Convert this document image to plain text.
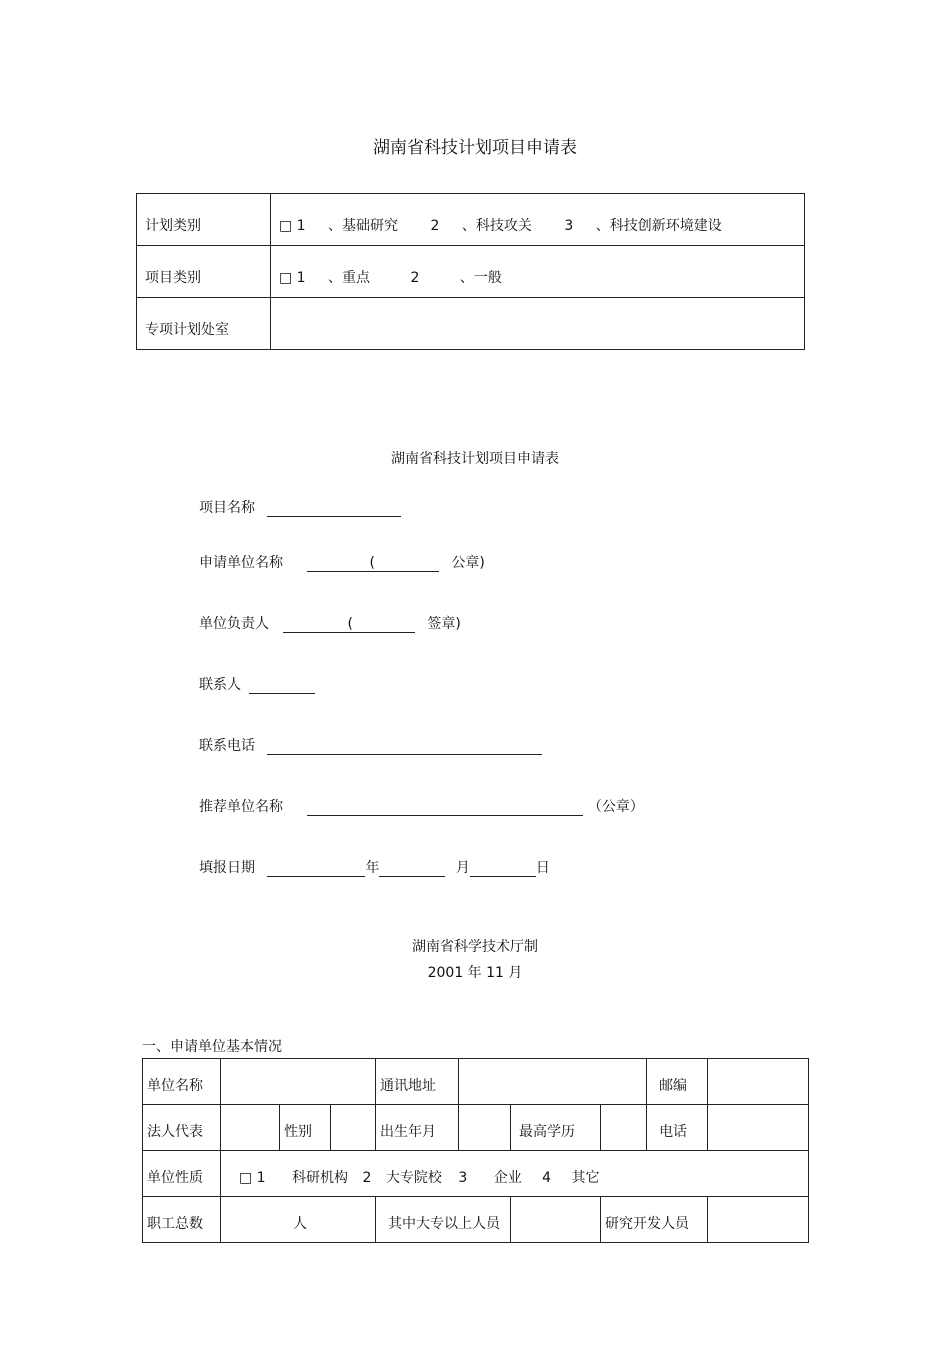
湖南省科技计划项目申请表
计划类别	□ 1 、基础研究 2 、科技攻关 3 、科技创新环境建设
项目类别	□ 1 、重点 2 、一般
专项计划处室	
湖南省科技计划项目申请表
项目名称
申请单位名称	(	公章)
单位负责人	(	签章)
联系人
联系电话
推荐单位名称	（公章）
填报日期	年	月	日
湖南省科学技术厅制
2001 年 11 月
一、申请单位基本情况
单位名称				通讯地址				邮编	
法人代表		性别		出生年月		最高学历		电话	
单位性质	□ 1 科研机构 2 大专院校 3 企业 4 其它								
职工总数	人			其中大专以上人员			研究开发人员		
